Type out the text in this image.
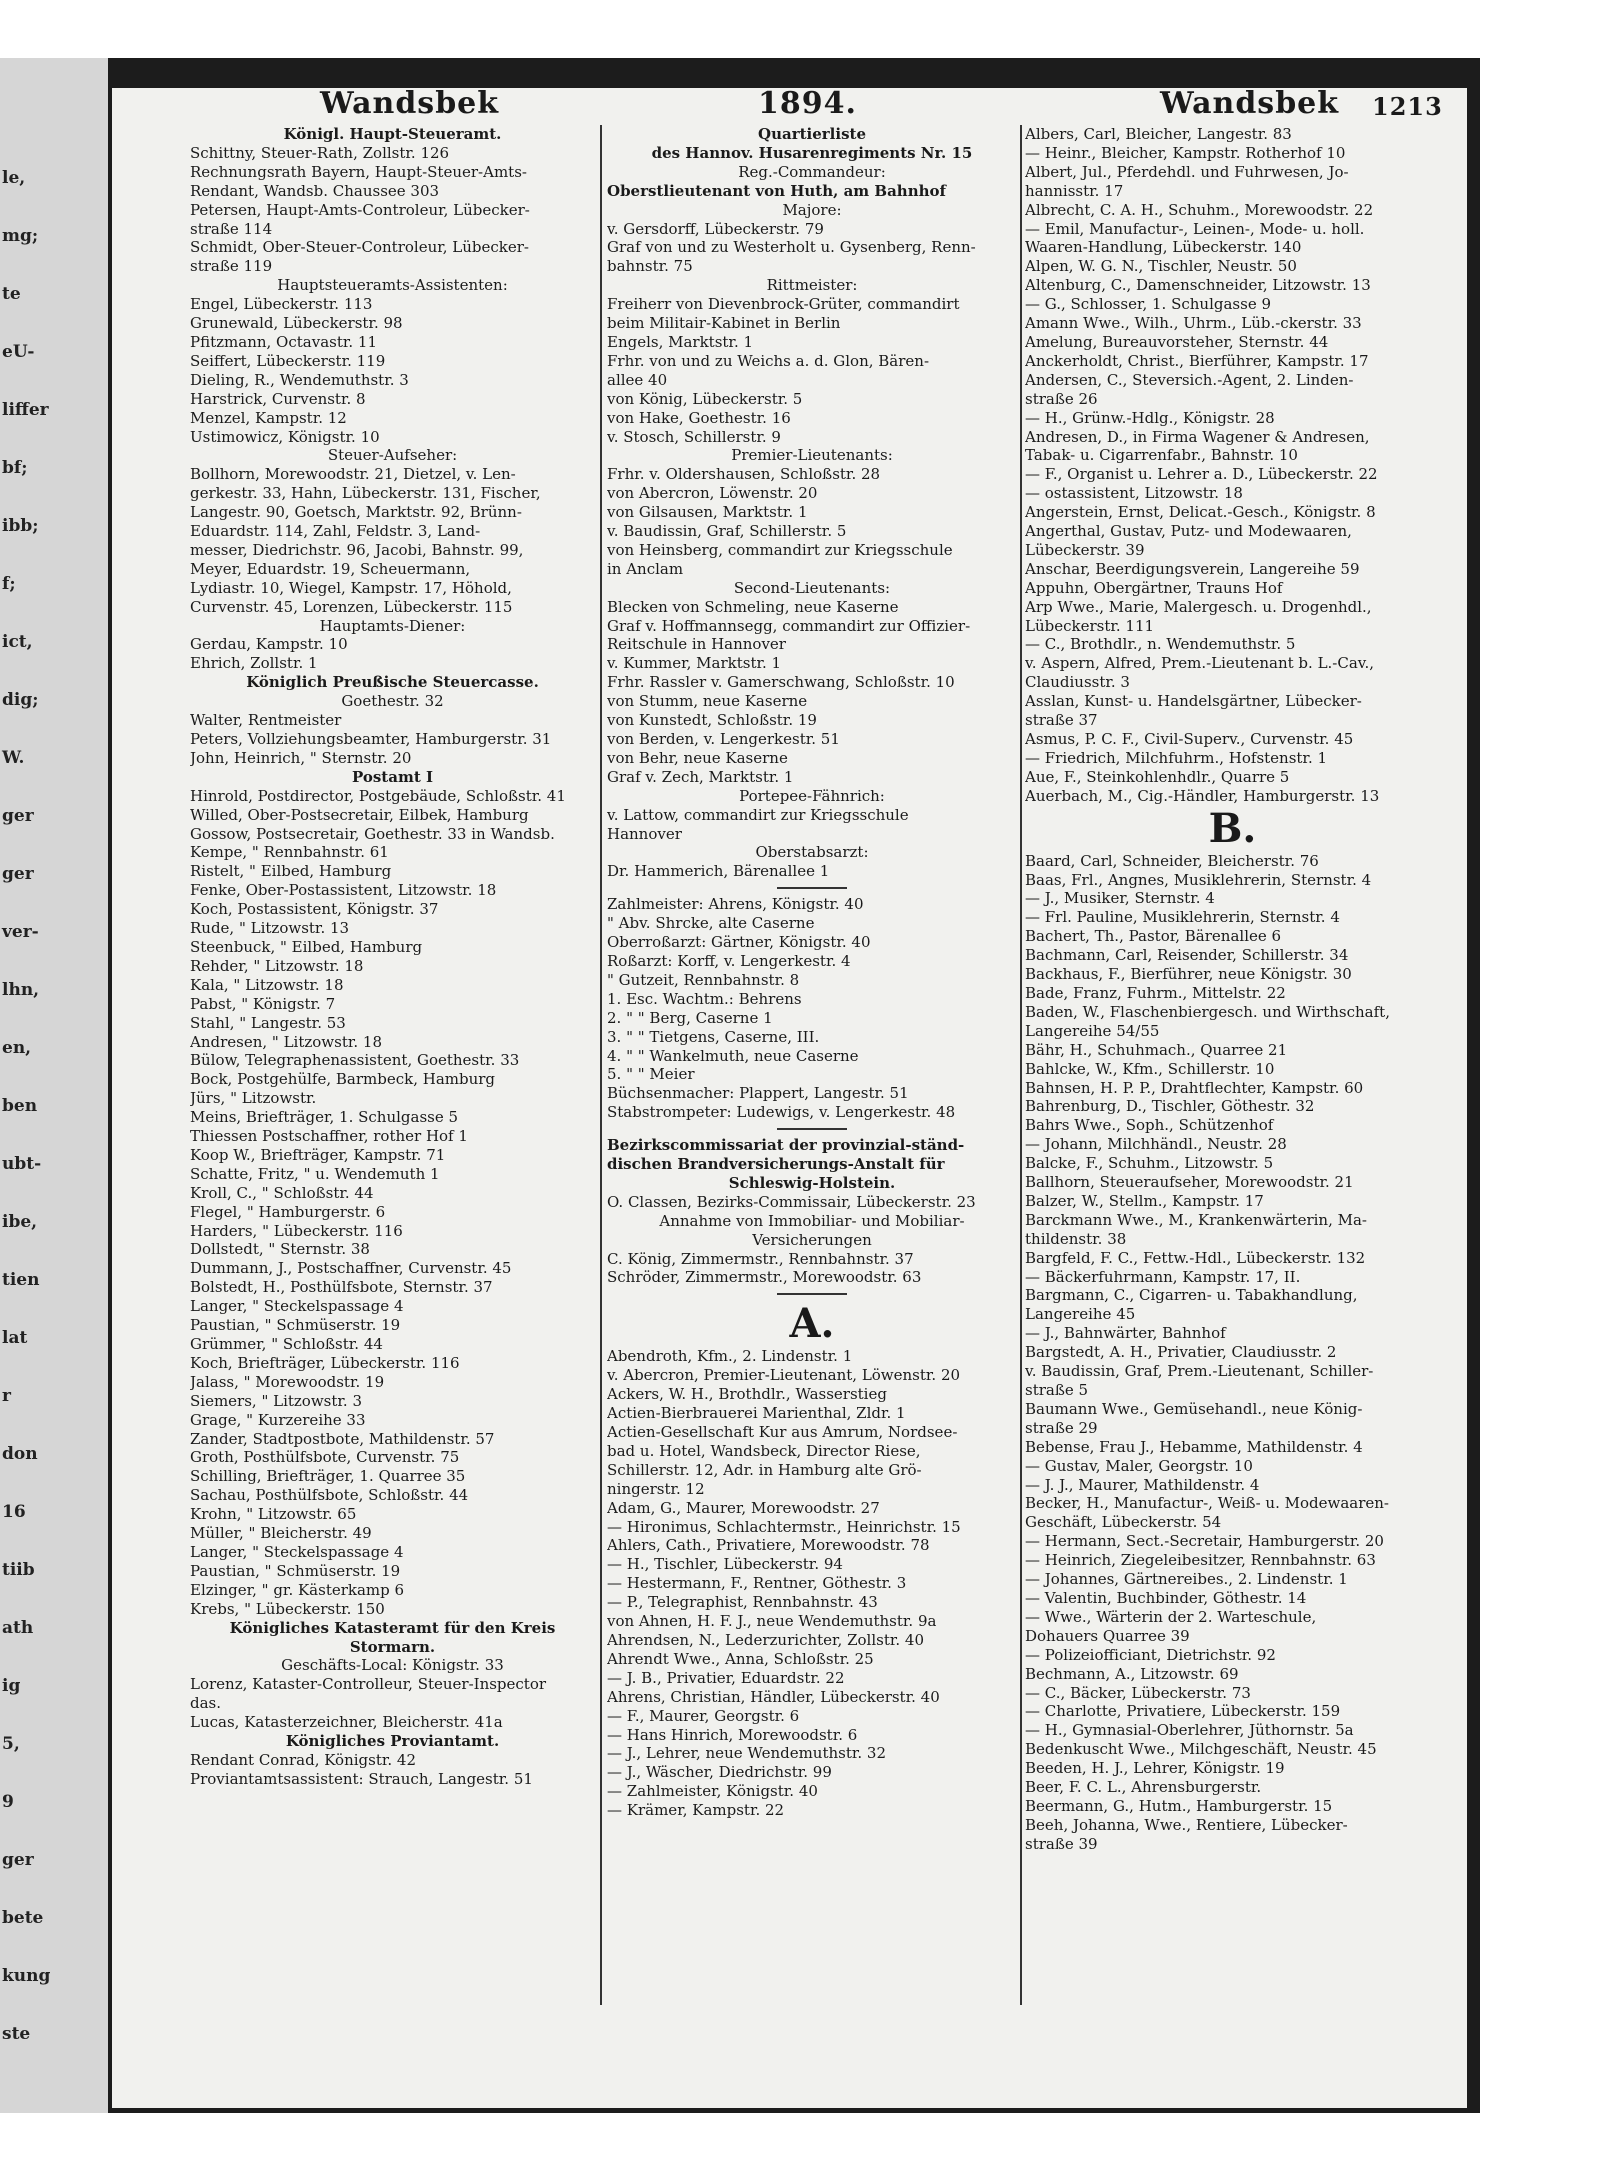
le,
mg;
te
eU-
liffer
bf;
ibb;
f;
ict,
dig;
W.
ger
ger
ver-
lhn,
en,
ben
ubt-
ibe,
tien
lat
r
don
16
tiib
ath
ig
5,
9
ger
bete
kung
ste
Wandsbek	1894.	Wandsbek 1213
Königl. Haupt-Steueramt.
Schittny, Steuer-Rath, Zollstr. 126
Rechnungsrath Bayern, Haupt-Steuer-Amts-
Rendant, Wandsb. Chaussee 303
Petersen, Haupt-Amts-Controleur, Lübecker-
straße 114
Schmidt, Ober-Steuer-Controleur, Lübecker-
straße 119
Hauptsteueramts-Assistenten:
Engel, Lübeckerstr. 113
Grunewald, Lübeckerstr. 98
Pfitzmann, Octavastr. 11
Seiffert, Lübeckerstr. 119
Dieling, R., Wendemuthstr. 3
Harstrick, Curvenstr. 8
Menzel, Kampstr. 12
Ustimowicz, Königstr. 10
Steuer-Aufseher:
Bollhorn, Morewoodstr. 21, Dietzel, v. Len-
gerkestr. 33, Hahn, Lübeckerstr. 131, Fischer,
Langestr. 90, Goetsch, Marktstr. 92, Brünn-
Eduardstr. 114, Zahl, Feldstr. 3, Land-
messer, Diedrichstr. 96, Jacobi, Bahnstr. 99,
Meyer, Eduardstr. 19, Scheuermann,
Lydiastr. 10, Wiegel, Kampstr. 17, Höhold,
Curvenstr. 45, Lorenzen, Lübeckerstr. 115
Hauptamts-Diener:
Gerdau, Kampstr. 10
Ehrich, Zollstr. 1
Königlich Preußische Steuercasse.
Goethestr. 32
Walter, Rentmeister
Peters, Vollziehungsbeamter, Hamburgerstr. 31
John, Heinrich, " Sternstr. 20
Postamt I
Hinrold, Postdirector, Postgebäude, Schloßstr. 41
Willed, Ober-Postsecretair, Eilbek, Hamburg
Gossow, Postsecretair, Goethestr. 33 in Wandsb.
Kempe, " Rennbahnstr. 61
Ristelt, " Eilbed, Hamburg
Fenke, Ober-Postassistent, Litzowstr. 18
Koch, Postassistent, Königstr. 37
Rude, " Litzowstr. 13
Steenbuck, " Eilbed, Hamburg
Rehder, " Litzowstr. 18
Kala, " Litzowstr. 18
Pabst, " Königstr. 7
Stahl, " Langestr. 53
Andresen, " Litzowstr. 18
Bülow, Telegraphenassistent, Goethestr. 33
Bock, Postgehülfe, Barmbeck, Hamburg
Jürs, " Litzowstr.
Meins, Briefträger, 1. Schulgasse 5
Thiessen Postschaffner, rother Hof 1
Koop W., Briefträger, Kampstr. 71
Schatte, Fritz, " u. Wendemuth 1
Kroll, C., " Schloßstr. 44
Flegel, " Hamburgerstr. 6
Harders, " Lübeckerstr. 116
Dollstedt, " Sternstr. 38
Dummann, J., Postschaffner, Curvenstr. 45
Bolstedt, H., Posthülfsbote, Sternstr. 37
Langer, " Steckelspassage 4
Paustian, " Schmüserstr. 19
Grümmer, " Schloßstr. 44
Koch, Briefträger, Lübeckerstr. 116
Jalass, " Morewoodstr. 19
Siemers, " Litzowstr. 3
Grage, " Kurzereihe 33
Zander, Stadtpostbote, Mathildenstr. 57
Groth, Posthülfsbote, Curvenstr. 75
Schilling, Briefträger, 1. Quarree 35
Sachau, Posthülfsbote, Schloßstr. 44
Krohn, " Litzowstr. 65
Müller, " Bleicherstr. 49
Langer, " Steckelspassage 4
Paustian, " Schmüserstr. 19
Elzinger, " gr. Kästerkamp 6
Krebs, " Lübeckerstr. 150
Königliches Katasteramt für den Kreis
Stormarn.
Geschäfts-Local: Königstr. 33
Lorenz, Kataster-Controlleur, Steuer-Inspector
das.
Lucas, Katasterzeichner, Bleicherstr. 41a
Königliches Proviantamt.
Rendant Conrad, Königstr. 42
Proviantamtsassistent: Strauch, Langestr. 51
Quartierliste
des Hannov. Husarenregiments Nr. 15
Reg.-Commandeur:
Oberstlieutenant von Huth, am Bahnhof
Majore:
v. Gersdorff, Lübeckerstr. 79
Graf von und zu Westerholt u. Gysenberg, Renn-
bahnstr. 75
Rittmeister:
Freiherr von Dievenbrock-Grüter, commandirt
beim Militair-Kabinet in Berlin
Engels, Marktstr. 1
Frhr. von und zu Weichs a. d. Glon, Bären-
allee 40
von König, Lübeckerstr. 5
von Hake, Goethestr. 16
v. Stosch, Schillerstr. 9
Premier-Lieutenants:
Frhr. v. Oldershausen, Schloßstr. 28
von Abercron, Löwenstr. 20
von Gilsausen, Marktstr. 1
v. Baudissin, Graf, Schillerstr. 5
von Heinsberg, commandirt zur Kriegsschule
in Anclam
Second-Lieutenants:
Blecken von Schmeling, neue Kaserne
Graf v. Hoffmannsegg, commandirt zur Offizier-
Reitschule in Hannover
v. Kummer, Marktstr. 1
Frhr. Rassler v. Gamerschwang, Schloßstr. 10
von Stumm, neue Kaserne
von Kunstedt, Schloßstr. 19
von Berden, v. Lengerkestr. 51
von Behr, neue Kaserne
Graf v. Zech, Marktstr. 1
Portepee-Fähnrich:
v. Lattow, commandirt zur Kriegsschule
Hannover
Oberstabsarzt:
Dr. Hammerich, Bärenallee 1
Zahlmeister: Ahrens, Königstr. 40
" Abv. Shrcke, alte Caserne
Oberroßarzt: Gärtner, Königstr. 40
Roßarzt: Korff, v. Lengerkestr. 4
" Gutzeit, Rennbahnstr. 8
1. Esc. Wachtm.: Behrens
2. " " Berg, Caserne 1
3. " " Tietgens, Caserne, III.
4. " " Wankelmuth, neue Caserne
5. " " Meier
Büchsenmacher: Plappert, Langestr. 51
Stabstrompeter: Ludewigs, v. Lengerkestr. 48
Bezirkscommissariat der provinzial-ständ-
dischen Brandversicherungs-Anstalt für
Schleswig-Holstein.
O. Classen, Bezirks-Commissair, Lübeckerstr. 23
Annahme von Immobiliar- und Mobiliar-
Versicherungen
C. König, Zimmermstr., Rennbahnstr. 37
Schröder, Zimmermstr., Morewoodstr. 63
A.
Abendroth, Kfm., 2. Lindenstr. 1
v. Abercron, Premier-Lieutenant, Löwenstr. 20
Ackers, W. H., Brothdlr., Wasserstieg
Actien-Bierbrauerei Marienthal, Zldr. 1
Actien-Gesellschaft Kur aus Amrum, Nordsee-
bad u. Hotel, Wandsbeck, Director Riese,
Schillerstr. 12, Adr. in Hamburg alte Grö-
ningerstr. 12
Adam, G., Maurer, Morewoodstr. 27
— Hironimus, Schlachtermstr., Heinrichstr. 15
Ahlers, Cath., Privatiere, Morewoodstr. 78
— H., Tischler, Lübeckerstr. 94
— Hestermann, F., Rentner, Göthestr. 3
— P., Telegraphist, Rennbahnstr. 43
von Ahnen, H. F. J., neue Wendemuthstr. 9a
Ahrendsen, N., Lederzurichter, Zollstr. 40
Ahrendt Wwe., Anna, Schloßstr. 25
— J. B., Privatier, Eduardstr. 22
Ahrens, Christian, Händler, Lübeckerstr. 40
— F., Maurer, Georgstr. 6
— Hans Hinrich, Morewoodstr. 6
— J., Lehrer, neue Wendemuthstr. 32
— J., Wäscher, Diedrichstr. 99
— Zahlmeister, Königstr. 40
— Krämer, Kampstr. 22
Albers, Carl, Bleicher, Langestr. 83
— Heinr., Bleicher, Kampstr. Rotherhof 10
Albert, Jul., Pferdehdl. und Fuhrwesen, Jo-
hannisstr. 17
Albrecht, C. A. H., Schuhm., Morewoodstr. 22
— Emil, Manufactur-, Leinen-, Mode- u. holl.
Waaren-Handlung, Lübeckerstr. 140
Alpen, W. G. N., Tischler, Neustr. 50
Altenburg, C., Damenschneider, Litzowstr. 13
— G., Schlosser, 1. Schulgasse 9
Amann Wwe., Wilh., Uhrm., Lüb.-ckerstr. 33
Amelung, Bureauvorsteher, Sternstr. 44
Anckerholdt, Christ., Bierführer, Kampstr. 17
Andersen, C., Steversich.-Agent, 2. Linden-
straße 26
— H., Grünw.-Hdlg., Königstr. 28
Andresen, D., in Firma Wagener & Andresen,
Tabak- u. Cigarrenfabr., Bahnstr. 10
— F., Organist u. Lehrer a. D., Lübeckerstr. 22
— ostassistent, Litzowstr. 18
Angerstein, Ernst, Delicat.-Gesch., Königstr. 8
Angerthal, Gustav, Putz- und Modewaaren,
Lübeckerstr. 39
Anschar, Beerdigungsverein, Langereihe 59
Appuhn, Obergärtner, Trauns Hof
Arp Wwe., Marie, Malergesch. u. Drogenhdl.,
Lübeckerstr. 111
— C., Brothdlr., n. Wendemuthstr. 5
v. Aspern, Alfred, Prem.-Lieutenant b. L.-Cav.,
Claudiusstr. 3
Asslan, Kunst- u. Handelsgärtner, Lübecker-
straße 37
Asmus, P. C. F., Civil-Superv., Curvenstr. 45
— Friedrich, Milchfuhrm., Hofstenstr. 1
Aue, F., Steinkohlenhdlr., Quarre 5
Auerbach, M., Cig.-Händler, Hamburgerstr. 13
B.
Baard, Carl, Schneider, Bleicherstr. 76
Baas, Frl., Angnes, Musiklehrerin, Sternstr. 4
— J., Musiker, Sternstr. 4
— Frl. Pauline, Musiklehrerin, Sternstr. 4
Bachert, Th., Pastor, Bärenallee 6
Bachmann, Carl, Reisender, Schillerstr. 34
Backhaus, F., Bierführer, neue Königstr. 30
Bade, Franz, Fuhrm., Mittelstr. 22
Baden, W., Flaschenbiergesch. und Wirthschaft,
Langereihe 54/55
Bähr, H., Schuhmach., Quarree 21
Bahlcke, W., Kfm., Schillerstr. 10
Bahnsen, H. P. P., Drahtflechter, Kampstr. 60
Bahrenburg, D., Tischler, Göthestr. 32
Bahrs Wwe., Soph., Schützenhof
— Johann, Milchhändl., Neustr. 28
Balcke, F., Schuhm., Litzowstr. 5
Ballhorn, Steueraufseher, Morewoodstr. 21
Balzer, W., Stellm., Kampstr. 17
Barckmann Wwe., M., Krankenwärterin, Ma-
thildenstr. 38
Bargfeld, F. C., Fettw.-Hdl., Lübeckerstr. 132
— Bäckerfuhrmann, Kampstr. 17, II.
Bargmann, C., Cigarren- u. Tabakhandlung,
Langereihe 45
— J., Bahnwärter, Bahnhof
Bargstedt, A. H., Privatier, Claudiusstr. 2
v. Baudissin, Graf, Prem.-Lieutenant, Schiller-
straße 5
Baumann Wwe., Gemüsehandl., neue König-
straße 29
Bebense, Frau J., Hebamme, Mathildenstr. 4
— Gustav, Maler, Georgstr. 10
— J. J., Maurer, Mathildenstr. 4
Becker, H., Manufactur-, Weiß- u. Modewaaren-
Geschäft, Lübeckerstr. 54
— Hermann, Sect.-Secretair, Hamburgerstr. 20
— Heinrich, Ziegeleibesitzer, Rennbahnstr. 63
— Johannes, Gärtnereibes., 2. Lindenstr. 1
— Valentin, Buchbinder, Göthestr. 14
— Wwe., Wärterin der 2. Warteschule,
Dohauers Quarree 39
— Polizeiofficiant, Dietrichstr. 92
Bechmann, A., Litzowstr. 69
— C., Bäcker, Lübeckerstr. 73
— Charlotte, Privatiere, Lübeckerstr. 159
— H., Gymnasial-Oberlehrer, Jüthornstr. 5a
Bedenkuscht Wwe., Milchgeschäft, Neustr. 45
Beeden, H. J., Lehrer, Königstr. 19
Beer, F. C. L., Ahrensburgerstr.
Beermann, G., Hutm., Hamburgerstr. 15
Beeh, Johanna, Wwe., Rentiere, Lübecker-
straße 39
